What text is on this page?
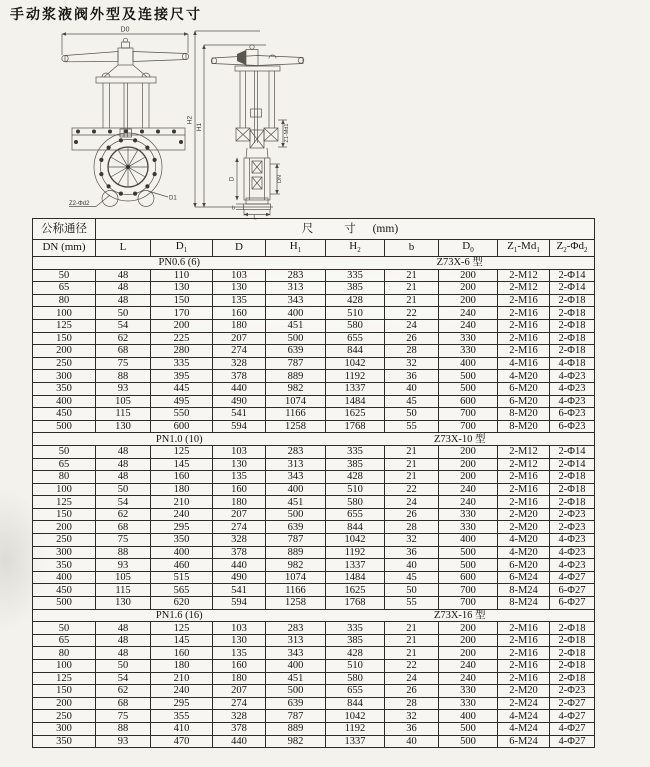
手动浆液阀外型及连接尺寸
D0
Z2-Φd2
D1
H2
H1	Z1-Md1
D	DN
b
公称通径	尺 寸 (mm)								
DN (mm)	L	$D_1$	D	$H_1$	$H_2$	b	$D_0$	$Z_1-Md_1$	$Z_2-\Phi d_2$
PN0.6 (6)					Z73X-6 型				
50	48	110	103	283	335	21	200	2-M12	2-Φ14
65	48	130	130	313	385	21	200	2-M12	2-Φ14
80	48	150	135	343	428	21	200	2-M16	2-Φ18
100	50	170	160	400	510	22	240	2-M16	2-Φ18
125	54	200	180	451	580	24	240	2-M16	2-Φ18
150	62	225	207	500	655	26	330	2-M16	2-Φ18
200	68	280	274	639	844	28	330	2-M16	2-Φ18
250	75	335	328	787	1042	32	400	4-M16	4-Φ18
300	88	395	378	889	1192	36	500	4-M20	4-Φ23
350	93	445	440	982	1337	40	500	6-M20	4-Φ23
400	105	495	490	1074	1484	45	600	6-M20	4-Φ23
450	115	550	541	1166	1625	50	700	8-M20	6-Φ23
500	130	600	594	1258	1768	55	700	8-M20	6-Φ23
PN1.0 (10)					Z73X-10 型				
50	48	125	103	283	335	21	200	2-M12	2-Φ14
65	48	145	130	313	385	21	200	2-M12	2-Φ14
80	48	160	135	343	428	21	200	2-M16	2-Φ18
100	50	180	160	400	510	22	240	2-M16	2-Φ18
125	54	210	180	451	580	24	240	2-M16	2-Φ18
150	62	240	207	500	655	26	330	2-M20	2-Φ23
200	68	295	274	639	844	28	330	2-M20	2-Φ23
250	75	350	328	787	1042	32	400	4-M20	4-Φ23
300	88	400	378	889	1192	36	500	4-M20	4-Φ23
350	93	460	440	982	1337	40	500	6-M20	4-Φ23
400	105	515	490	1074	1484	45	600	6-M24	4-Φ27
450	115	565	541	1166	1625	50	700	8-M24	6-Φ27
500	130	620	594	1258	1768	55	700	8-M24	6-Φ27
PN1.6 (16)					Z73X-16 型				
50	48	125	103	283	335	21	200	2-M16	2-Φ18
65	48	145	130	313	385	21	200	2-M16	2-Φ18
80	48	160	135	343	428	21	200	2-M16	2-Φ18
100	50	180	160	400	510	22	240	2-M16	2-Φ18
125	54	210	180	451	580	24	240	2-M16	2-Φ18
150	62	240	207	500	655	26	330	2-M20	2-Φ23
200	68	295	274	639	844	28	330	2-M24	2-Φ27
250	75	355	328	787	1042	32	400	4-M24	4-Φ27
300	88	410	378	889	1192	36	500	4-M24	4-Φ27
350	93	470	440	982	1337	40	500	6-M24	4-Φ27
